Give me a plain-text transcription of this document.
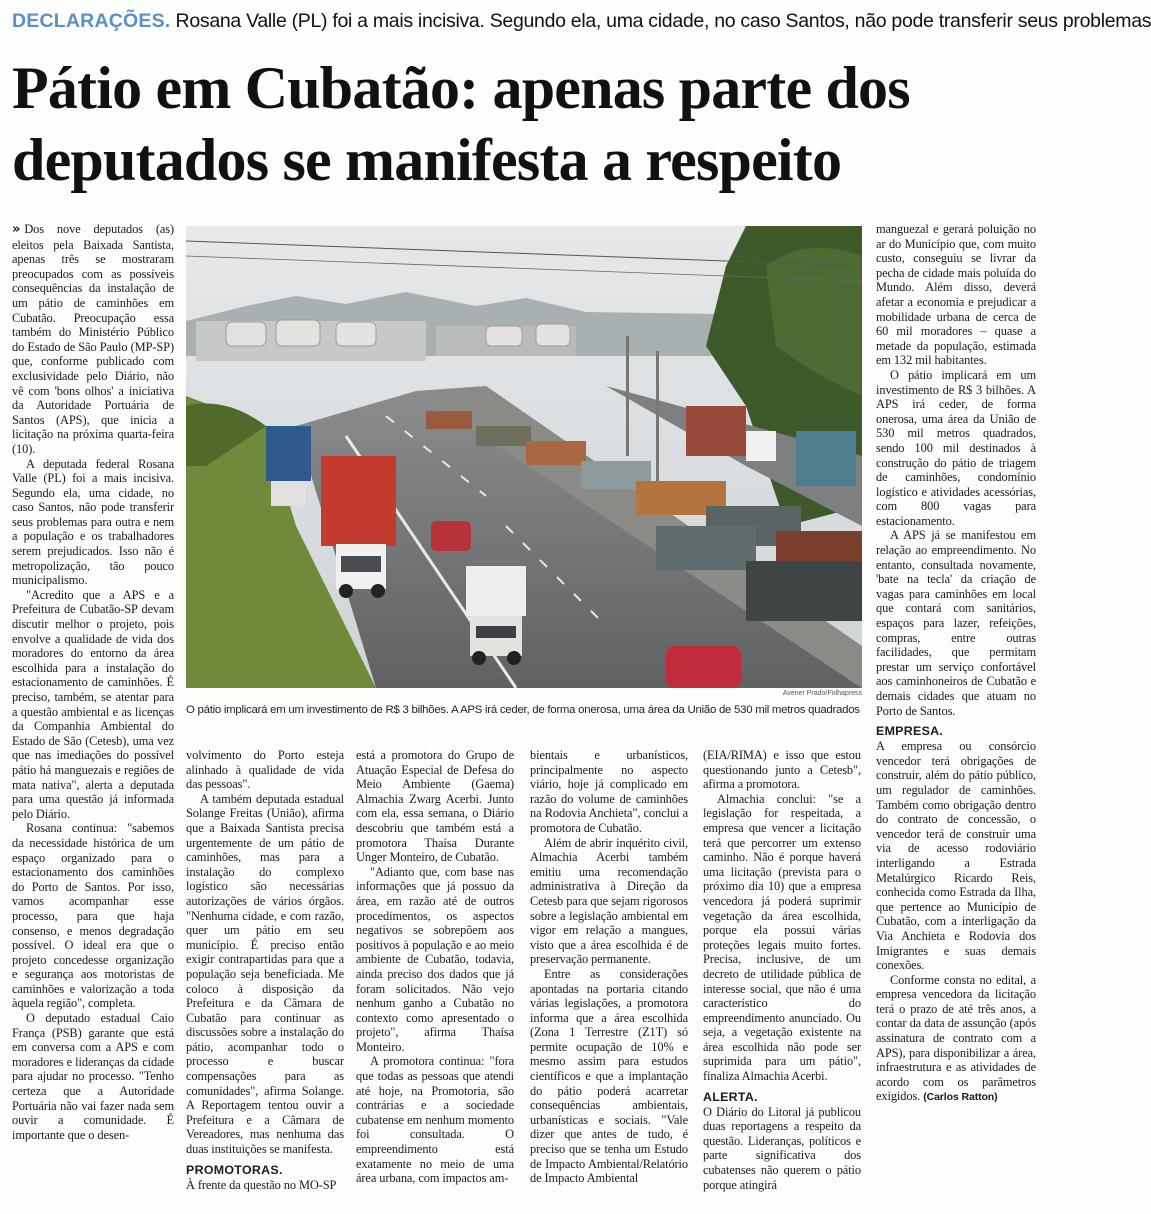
DECLARAÇÕES. Rosana Valle (PL) foi a mais incisiva. Segundo ela, uma cidade, no caso Santos, não pode transferir seus problemas
Pátio em Cubatão: apenas parte dos
deputados se manifesta a respeito
Avener Prado/Folhapress
O pátio implicará em um investimento de R$ 3 bilhões. A APS irá ceder, de forma onerosa, uma área da União de 530 mil metros quadrados

» Dos nove deputados (as) eleitos pela Baixada Santista, apenas três se mostraram preocupados com as possíveis consequências da instalação de um pátio de caminhões em Cubatão. Preocupação essa também do Ministério Público do Estado de São Paulo (MP-SP) que, conforme publicado com exclusividade pelo Diário, não vê com 'bons olhos' a iniciativa da Autoridade Portuária de Santos (APS), que inicia a licitação na próxima quarta-feira (10).

A deputada federal Rosana Valle (PL) foi a mais incisiva. Segundo ela, uma cidade, no caso Santos, não pode transferir seus problemas para outra e nem a população e os trabalhadores serem prejudicados. Isso não é metropolização, tão pouco municipalismo.

"Acredito que a APS e a Prefeitura de Cubatão-SP devam discutir melhor o projeto, pois envolve a qualidade de vida dos moradores do entorno da área escolhida para a instalação do estacionamento de caminhões. É preciso, também, se atentar para a questão ambiental e as licenças da Companhia Ambiental do Estado de São (Cetesb), uma vez que nas imediações do possível pátio há manguezais e regiões de mata nativa", alerta a deputada para uma questão já informada pelo Diário.

Rosana continua: "sabemos da necessidade histórica de um espaço organizado para o estacionamento dos caminhões do Porto de Santos. Por isso, vamos acompanhar esse processo, para que haja consenso, e menos degradação possível. O ideal era que o projeto concedesse organização e segurança aos motoristas de caminhões e valorização a toda àquela região", completa.

O deputado estadual Caio França (PSB) garante que está em conversa com a APS e com moradores e lideranças da cidade para ajudar no processo. "Tenho certeza que a Autoridade Portuária não vai fazer nada sem ouvir a comunidade. É importante que o desen-

volvimento do Porto esteja alinhado à qualidade de vida das pessoas".

A também deputada estadual Solange Freitas (União), afirma que a Baixada Santista precisa urgentemente de um pátio de caminhões, mas para a instalação do complexo logístico são necessárias autorizações de vários órgãos. "Nenhuma cidade, e com razão, quer um pátio em seu município. É preciso então exigir contrapartidas para que a população seja beneficiada. Me coloco à disposição da Prefeitura e da Câmara de Cubatão para continuar as discussões sobre a instalação do pátio, acompanhar todo o processo e buscar compensações para as comunidades", afirma Solange. A Reportagem tentou ouvir a Prefeitura e a Câmara de Vereadores, mas nenhuma das duas instituições se manifesta.

PROMOTORAS.

À frente da questão no MO-SP

está a promotora do Grupo de Atuação Especial de Defesa do Meio Ambiente (Gaema) Almachia Zwarg Acerbi. Junto com ela, essa semana, o Diário descobriu que também está a promotora Thaísa Durante Unger Monteiro, de Cubatão.

"Adianto que, com base nas informações que já possuo da área, em razão até de outros procedimentos, os aspectos negativos se sobrepõem aos positivos à população e ao meio ambiente de Cubatão, todavia, ainda preciso dos dados que já foram solicitados. Não vejo nenhum ganho a Cubatão no contexto como apresentado o projeto", afirma Thaísa Monteiro.

A promotora continua: "fora que todas as pessoas que atendi até hoje, na Promotoria, são contrárias e a sociedade cubatense em nenhum momento foi consultada. O empreendimento está exatamente no meio de uma área urbana, com impactos am-

bientais e urbanísticos, principalmente no aspecto viário, hoje já complicado em razão do volume de caminhões na Rodovia Anchieta", conclui a promotora de Cubatão.

Além de abrir inquérito civil, Almachia Acerbi também emitiu uma recomendação administrativa à Direção da Cetesb para que sejam rigorosos sobre a legislação ambiental em vigor em relação a mangues, visto que a área escolhida é de preservação permanente.

Entre as considerações apontadas na portaria citando várias legislações, a promotora informa que a área escolhida (Zona 1 Terrestre (Z1T) só permite ocupação de 10% e mesmo assim para estudos científicos e que a implantação do pátio poderá acarretar consequências ambientais, urbanísticas e sociais. "Vale dizer que antes de tudo, é preciso que se tenha um Estudo de Impacto Ambiental/Relatório de Impacto Ambiental

(EIA/RIMA) e isso que estou questionando junto a Cetesb", afirma a promotora.

Almachia conclui: "se a legislação for respeitada, a empresa que vencer a licitação terá que percorrer um extenso caminho. Não é porque haverá uma licitação (prevista para o próximo dia 10) que a empresa vencedora já poderá suprimir vegetação da área escolhida, porque ela possui várias proteções legais muito fortes. Precisa, inclusive, de um decreto de utilidade pública de interesse social, que não é uma característico do empreendimento anunciado. Ou seja, a vegetação existente na área escolhida não pode ser suprimida para um pátio", finaliza Almachia Acerbi.

ALERTA.

O Diário do Litoral já publicou duas reportagens a respeito da questão. Lideranças, políticos e parte significativa dos cubatenses não querem o pátio porque atingirá

manguezal e gerará poluição no ar do Município que, com muito custo, conseguiu se livrar da pecha de cidade mais poluída do Mundo. Além disso, deverá afetar a economia e prejudicar a mobilidade urbana de cerca de 60 mil moradores – quase a metade da população, estimada em 132 mil habitantes.

O pátio implicará em um investimento de R$ 3 bilhões. A APS irá ceder, de forma onerosa, uma área da União de 530 mil metros quadrados, sendo 100 mil destinados à construção do pátio de triagem de caminhões, condomínio logístico e atividades acessórias, com 800 vagas para estacionamento.

A APS já se manifestou em relação ao empreendimento. No entanto, consultada novamente, 'bate na tecla' da criação de vagas para caminhões em local que contará com sanitários, espaços para lazer, refeições, compras, entre outras facilidades, que permitam prestar um serviço confortável aos caminhoneiros de Cubatão e demais cidades que atuam no Porto de Santos.

EMPRESA.

A empresa ou consórcio vencedor terá obrigações de construir, além do pátio público, um regulador de caminhões. Também como obrigação dentro do contrato de concessão, o vencedor terá de construir uma via de acesso rodoviário interligando a Estrada Metalúrgico Ricardo Reis, conhecida como Estrada da Ilha, que pertence ao Município de Cubatão, com a interligação da Via Anchieta e Rodovia dos Imigrantes e suas demais conexões.

Conforme consta no edital, a empresa vencedora da licitação terá o prazo de até três anos, a contar da data de assunção (após assinatura de contrato com a APS), para disponibilizar a área, infraestrutura e as atividades de acordo com os parâmetros exigidos. (Carlos Ratton)
